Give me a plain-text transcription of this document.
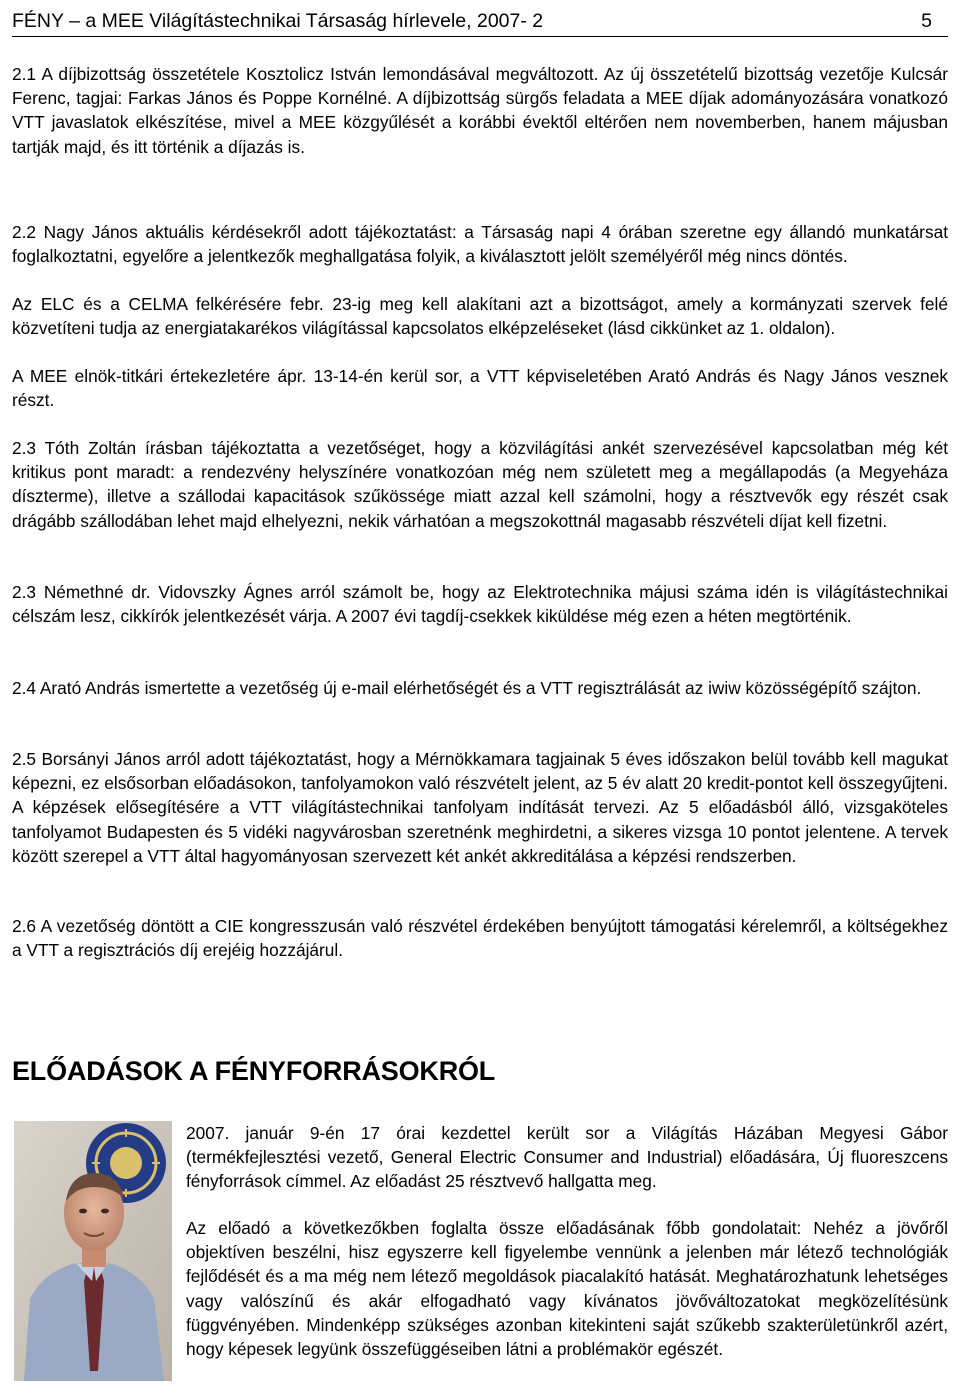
FÉNY – a MEE Világítástechnikai Társaság hírlevele, 2007- 2	5

2.1 A díjbizottság összetétele Kosztolicz István lemondásával megváltozott. Az új összetételű bizottság vezetője Kulcsár Ferenc, tagjai: Farkas János és Poppe Kornélné. A díjbizottság sürgős feladata a MEE díjak adományozására vonatkozó VTT javaslatok elkészítése, mivel a MEE közgyűlését a korábbi évektől eltérően nem novemberben, hanem májusban tartják majd, és itt történik a díjazás is.

2.2 Nagy János aktuális kérdésekről adott tájékoztatást: a Társaság napi 4 órában szeretne egy állandó munkatársat foglalkoztatni, egyelőre a jelentkezők meghallgatása folyik, a kiválasztott jelölt személyéről még nincs döntés.

Az ELC és a CELMA felkérésére febr. 23-ig meg kell alakítani azt a bizottságot, amely a kormányzati szervek felé közvetíteni tudja az energiatakarékos világítással kapcsolatos elképzeléseket (lásd cikkünket az 1. oldalon).

A MEE elnök-titkári értekezletére ápr. 13-14-én kerül sor, a VTT képviseletében Arató András és Nagy János vesznek részt.

2.3 Tóth Zoltán írásban tájékoztatta a vezetőséget, hogy a közvilágítási ankét szervezésével kapcsolatban még két kritikus pont maradt: a rendezvény helyszínére vonatkozóan még nem született meg a megállapodás (a Megyeháza díszterme), illetve a szállodai kapacitások szűkössége miatt azzal kell számolni, hogy a résztvevők egy részét csak drágább szállodában lehet majd elhelyezni, nekik várhatóan a megszokottnál magasabb részvételi díjat kell fizetni.

2.3 Némethné dr. Vidovszky Ágnes arról számolt be, hogy az Elektrotechnika májusi száma idén is világítástechnikai célszám lesz, cikkírók jelentkezését várja. A 2007 évi tagdíj-csekkek kiküldése még ezen a héten megtörténik.

2.4 Arató András ismertette a vezetőség új e-mail elérhetőségét és a VTT regisztrálását az iwiw közösségépítő szájton.

2.5 Borsányi János arról adott tájékoztatást, hogy a Mérnökkamara tagjainak 5 éves időszakon belül tovább kell magukat képezni, ez elsősorban előadásokon, tanfolyamokon való részvételt jelent, az 5 év alatt 20 kredit-pontot kell összegyűjteni. A képzések elősegítésére a VTT világítástechnikai tanfolyam indítását tervezi. Az 5 előadásból álló, vizsgaköteles tanfolyamot Budapesten és 5 vidéki nagyvárosban szeretnénk meghirdetni, a sikeres vizsga 10 pontot jelentene. A tervek között szerepel a VTT által hagyományosan szervezett két ankét akkreditálása a képzési rendszerben.

2.6 A vezetőség döntött a CIE kongresszusán való részvétel érdekében benyújtott támogatási kérelemről, a költségekhez a VTT a regisztrációs díj erejéig hozzájárul.

ELŐADÁSOK A FÉNYFORRÁSOKRÓL

2007. január 9-én 17 órai kezdettel került sor a Világítás Házában Megyesi Gábor (termékfejlesztési vezető, General Electric Consumer and Industrial) előadására, Új fluoreszcens fényforrások címmel. Az előadást 25 résztvevő hallgatta meg.

Az előadó a következőkben foglalta össze előadásának főbb gondolatait: Nehéz a jövőről objektíven beszélni, hisz egyszerre kell figyelembe vennünk a jelenben már létező technológiák fejlődését és a ma még nem létező megoldások piacalakító hatását. Meghatározhatunk lehetséges vagy valószínű és akár elfogadható vagy kívánatos jövőváltozatokat megközelítésünk függvényében. Mindenképp szükséges azonban kitekinteni saját szűkebb szakterületünkről azért, hogy képesek legyünk összefüggéseiben látni a problémakör egészét.
